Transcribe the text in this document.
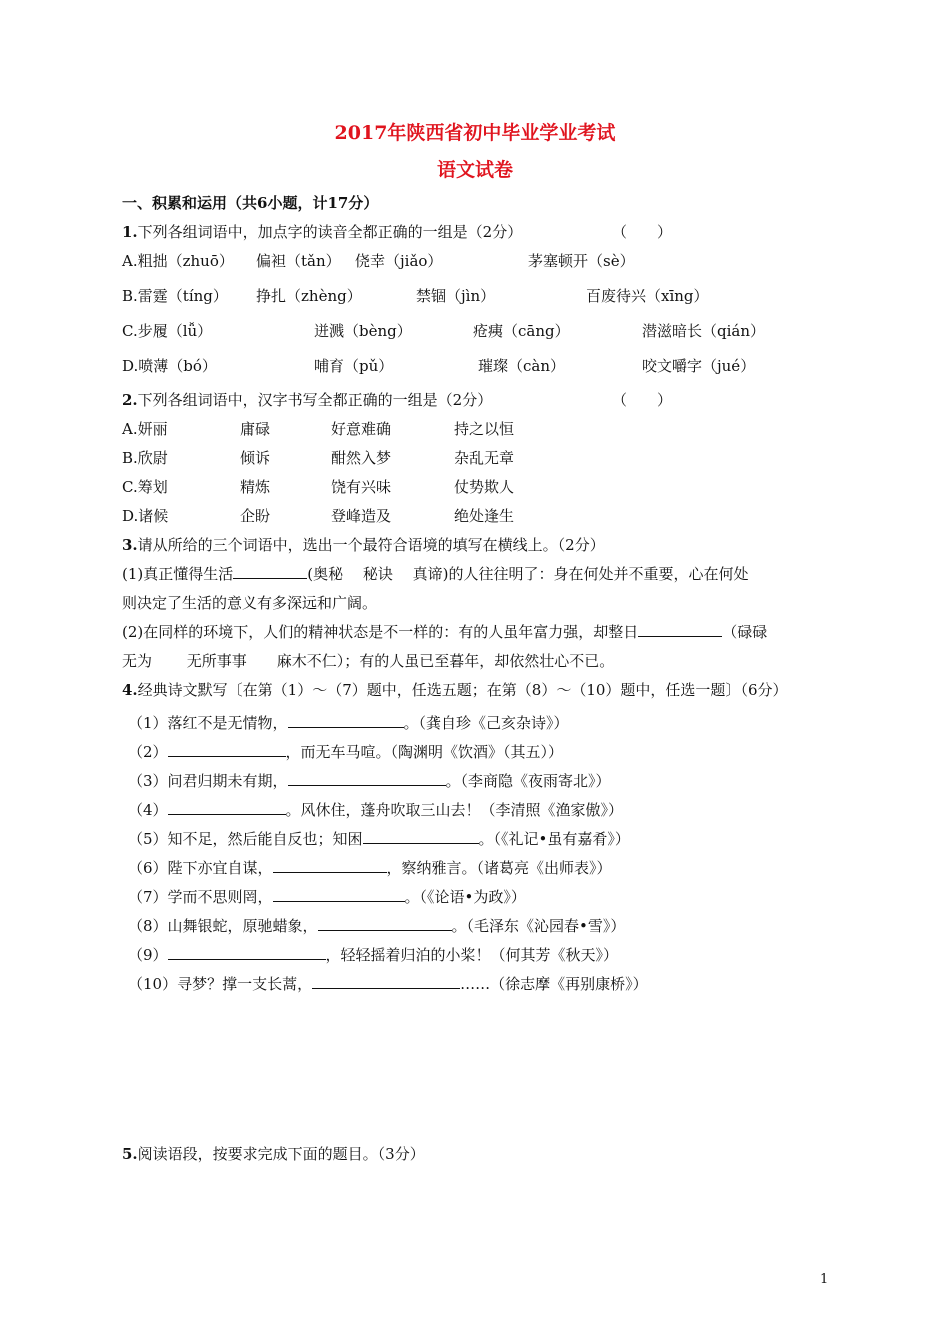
2017年陕西省初中毕业学业考试
语文试卷
一、积累和运用（共6小题，计17分）
1.下列各组词语中，加点字的读音全都正确的一组是（2分）	（　　）
A.粗拙（zhuō） 偏袒（tǎn） 侥幸（jiǎo）	茅塞顿开（sè）
B.雷霆（tíng） 挣扎（zhèng）	禁锢（jìn）	百废待兴（xīng）
C.步履（lǚ）	迸溅（bèng）	疮痍（cāng）	潜滋暗长（qián）
D.喷薄（bó）	哺育（pǔ）	璀璨（càn）	咬文嚼字（jué）
2.下列各组词语中，汉字书写全都正确的一组是（2分）	（　　）
A.妍丽	庸碌	好意难确	持之以恒
B.欣尉	倾诉	酣然入梦	杂乱无章
C.筹划	精炼	饶有兴味	仗势欺人
D.诸候	企盼	登峰造及	绝处逢生
3.请从所给的三个词语中，选出一个最符合语境的填写在横线上。（2分）
(1)真正懂得生活	(奥秘　 秘诀　 真谛)的人往往明了：身在何处并不重要，心在何处
则决定了生活的意义有多深远和广阔。
(2)在同样的环境下，人们的精神状态是不一样的：有的人虽年富力强，却整日	（碌碌
无为　　 无所事事　　麻木不仁）；有的人虽已至暮年，却依然壮心不已。
4.经典诗文默写〔在第（1）～（7）题中，任选五题；在第（8）～（10）题中，任选一题〕（6分）
（1）落红不是无情物，	。（龚自珍《己亥杂诗》）
（2）	，而无车马喧。（陶渊明《饮酒》（其五））
（3）问君归期未有期，	。（李商隐《夜雨寄北》）
（4）	。风休住，蓬舟吹取三山去！（李清照《渔家傲》）
（5）知不足，然后能自反也；知困	。（《礼记•虽有嘉肴》）
（6）陛下亦宜自谋，	，察纳雅言。（诸葛亮《出师表》）
（7）学而不思则罔，	。（《论语•为政》）
（8）山舞银蛇，原驰蜡象，	。（毛泽东《沁园春•雪》）
（9）	，轻轻摇着归泊的小桨！（何其芳《秋天》）
（10）寻梦？撑一支长蒿，	……（徐志摩《再别康桥》）
5.阅读语段，按要求完成下面的题目。（3分）
1
